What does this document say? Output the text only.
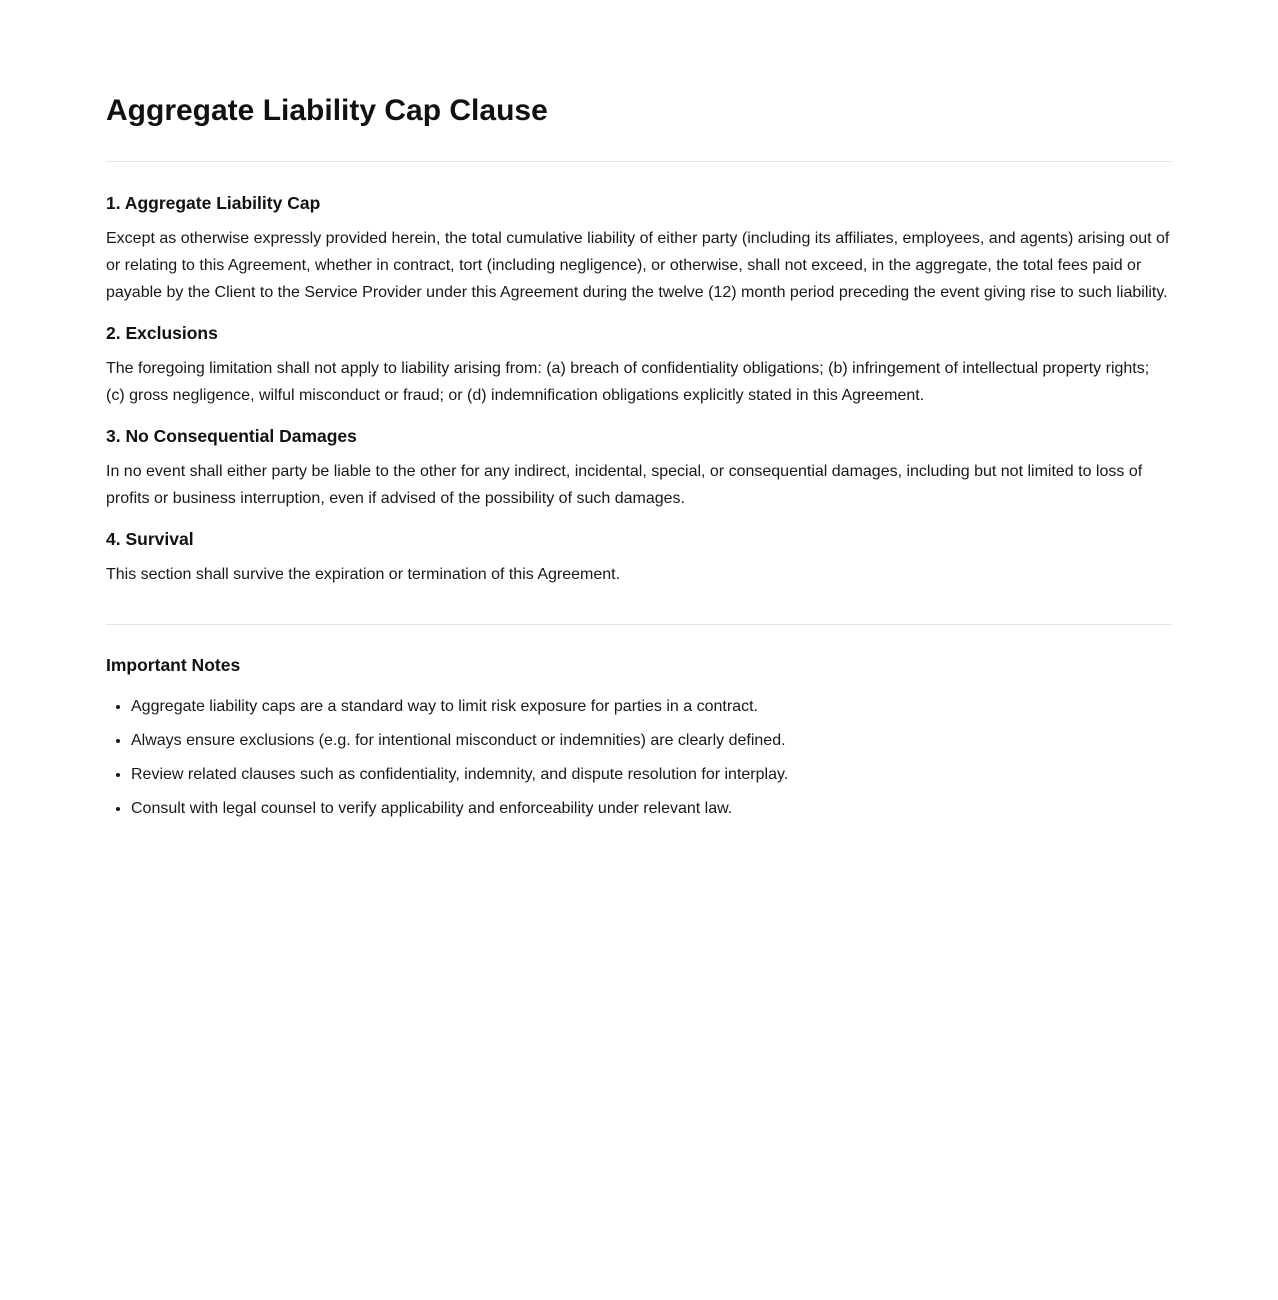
Aggregate Liability Cap Clause
1. Aggregate Liability Cap

Except as otherwise expressly provided herein, the total cumulative liability of either party (including its affiliates, employees, and agents) arising out of or relating to this Agreement, whether in contract, tort (including negligence), or otherwise, shall not exceed, in the aggregate, the total fees paid or payable by the Client to the Service Provider under this Agreement during the twelve (12) month period preceding the event giving rise to such liability.

2. Exclusions

The foregoing limitation shall not apply to liability arising from: (a) breach of confidentiality obligations; (b) infringement of intellectual property rights; (c) gross negligence, wilful misconduct or fraud; or (d) indemnification obligations explicitly stated in this Agreement.

3. No Consequential Damages

In no event shall either party be liable to the other for any indirect, incidental, special, or consequential damages, including but not limited to loss of profits or business interruption, even if advised of the possibility of such damages.

4. Survival

This section shall survive the expiration or termination of this Agreement.

Important Notes
• Aggregate liability caps are a standard way to limit risk exposure for parties in a contract.
• Always ensure exclusions (e.g. for intentional misconduct or indemnities) are clearly defined.
• Review related clauses such as confidentiality, indemnity, and dispute resolution for interplay.
• Consult with legal counsel to verify applicability and enforceability under relevant law.
